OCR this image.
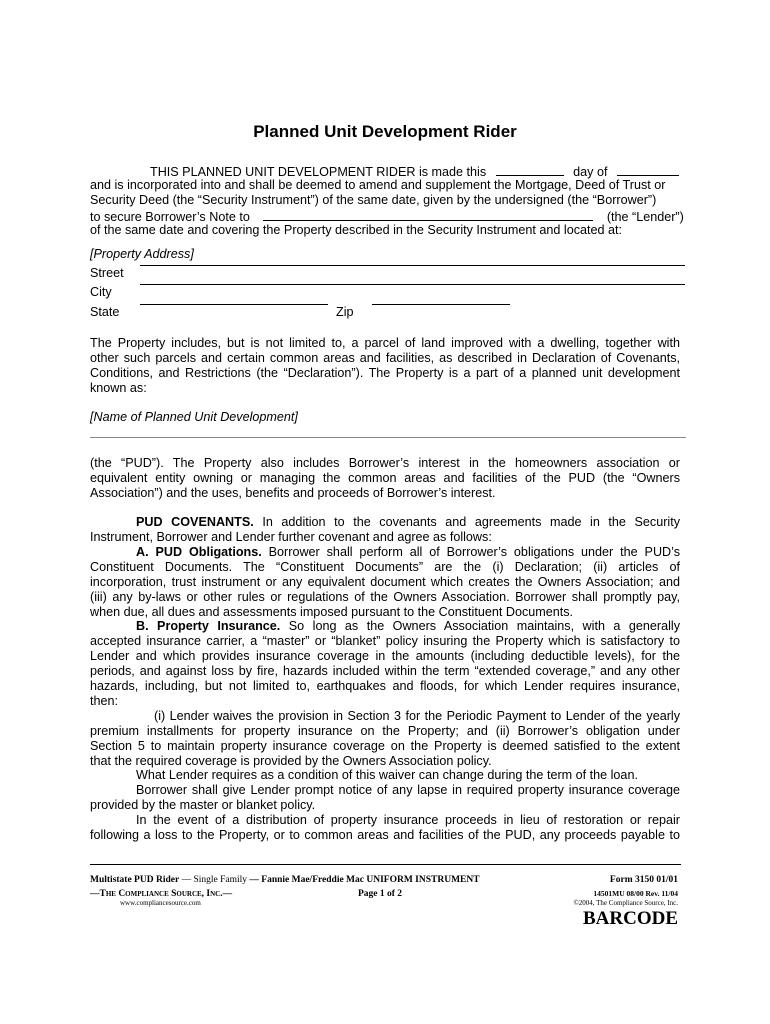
Planned Unit Development Rider
THIS PLANNED UNIT DEVELOPMENT RIDER is made this	day of
and is incorporated into and shall be deemed to amend and supplement the Mortgage, Deed of Trust or
Security Deed (the “Security Instrument”) of the same date, given by the undersigned (the “Borrower”)
to secure Borrower’s Note to	(the “Lender”)
of the same date and covering the Property described in the Security Instrument and located at:
[Property Address]
Street
City
State	Zip
The Property includes, but is not limited to, a parcel of land improved with a dwelling, together with
other such parcels and certain common areas and facilities, as described in Declaration of Covenants,
Conditions, and Restrictions (the “Declaration”). The Property is a part of a planned unit development
known as:
[Name of Planned Unit Development]
(the “PUD”). The Property also includes Borrower’s interest in the homeowners association or
equivalent entity owning or managing the common areas and facilities of the PUD (the “Owners
Association”) and the uses, benefits and proceeds of Borrower’s interest.
PUD COVENANTS. In addition to the covenants and agreements made in the Security
Instrument, Borrower and Lender further covenant and agree as follows:
A. PUD Obligations. Borrower shall perform all of Borrower’s obligations under the PUD’s
Constituent Documents. The “Constituent Documents” are the (i) Declaration; (ii) articles of
incorporation, trust instrument or any equivalent document which creates the Owners Association; and
(iii) any by-laws or other rules or regulations of the Owners Association. Borrower shall promptly pay,
when due, all dues and assessments imposed pursuant to the Constituent Documents.
B. Property Insurance. So long as the Owners Association maintains, with a generally
accepted insurance carrier, a “master” or “blanket” policy insuring the Property which is satisfactory to
Lender and which provides insurance coverage in the amounts (including deductible levels), for the
periods, and against loss by fire, hazards included within the term “extended coverage,” and any other
hazards, including, but not limited to, earthquakes and floods, for which Lender requires insurance,
then:
(i) Lender waives the provision in Section 3 for the Periodic Payment to Lender of the yearly
premium installments for property insurance on the Property; and (ii) Borrower’s obligation under
Section 5 to maintain property insurance coverage on the Property is deemed satisfied to the extent
that the required coverage is provided by the Owners Association policy.
What Lender requires as a condition of this waiver can change during the term of the loan.
Borrower shall give Lender prompt notice of any lapse in required property insurance coverage
provided by the master or blanket policy.
In the event of a distribution of property insurance proceeds in lieu of restoration or repair
following a loss to the Property, or to common areas and facilities of the PUD, any proceeds payable to
Multistate PUD Rider — Single Family — Fannie Mae/Freddie Mac UNIFORM INSTRUMENT	Form 3150 01/01
—The Compliance Source, Inc.—	Page 1 of 2	14501MU 08/00 Rev. 11/04
www.compliancesource.com	©2004, The Compliance Source, Inc.
BARCODE
